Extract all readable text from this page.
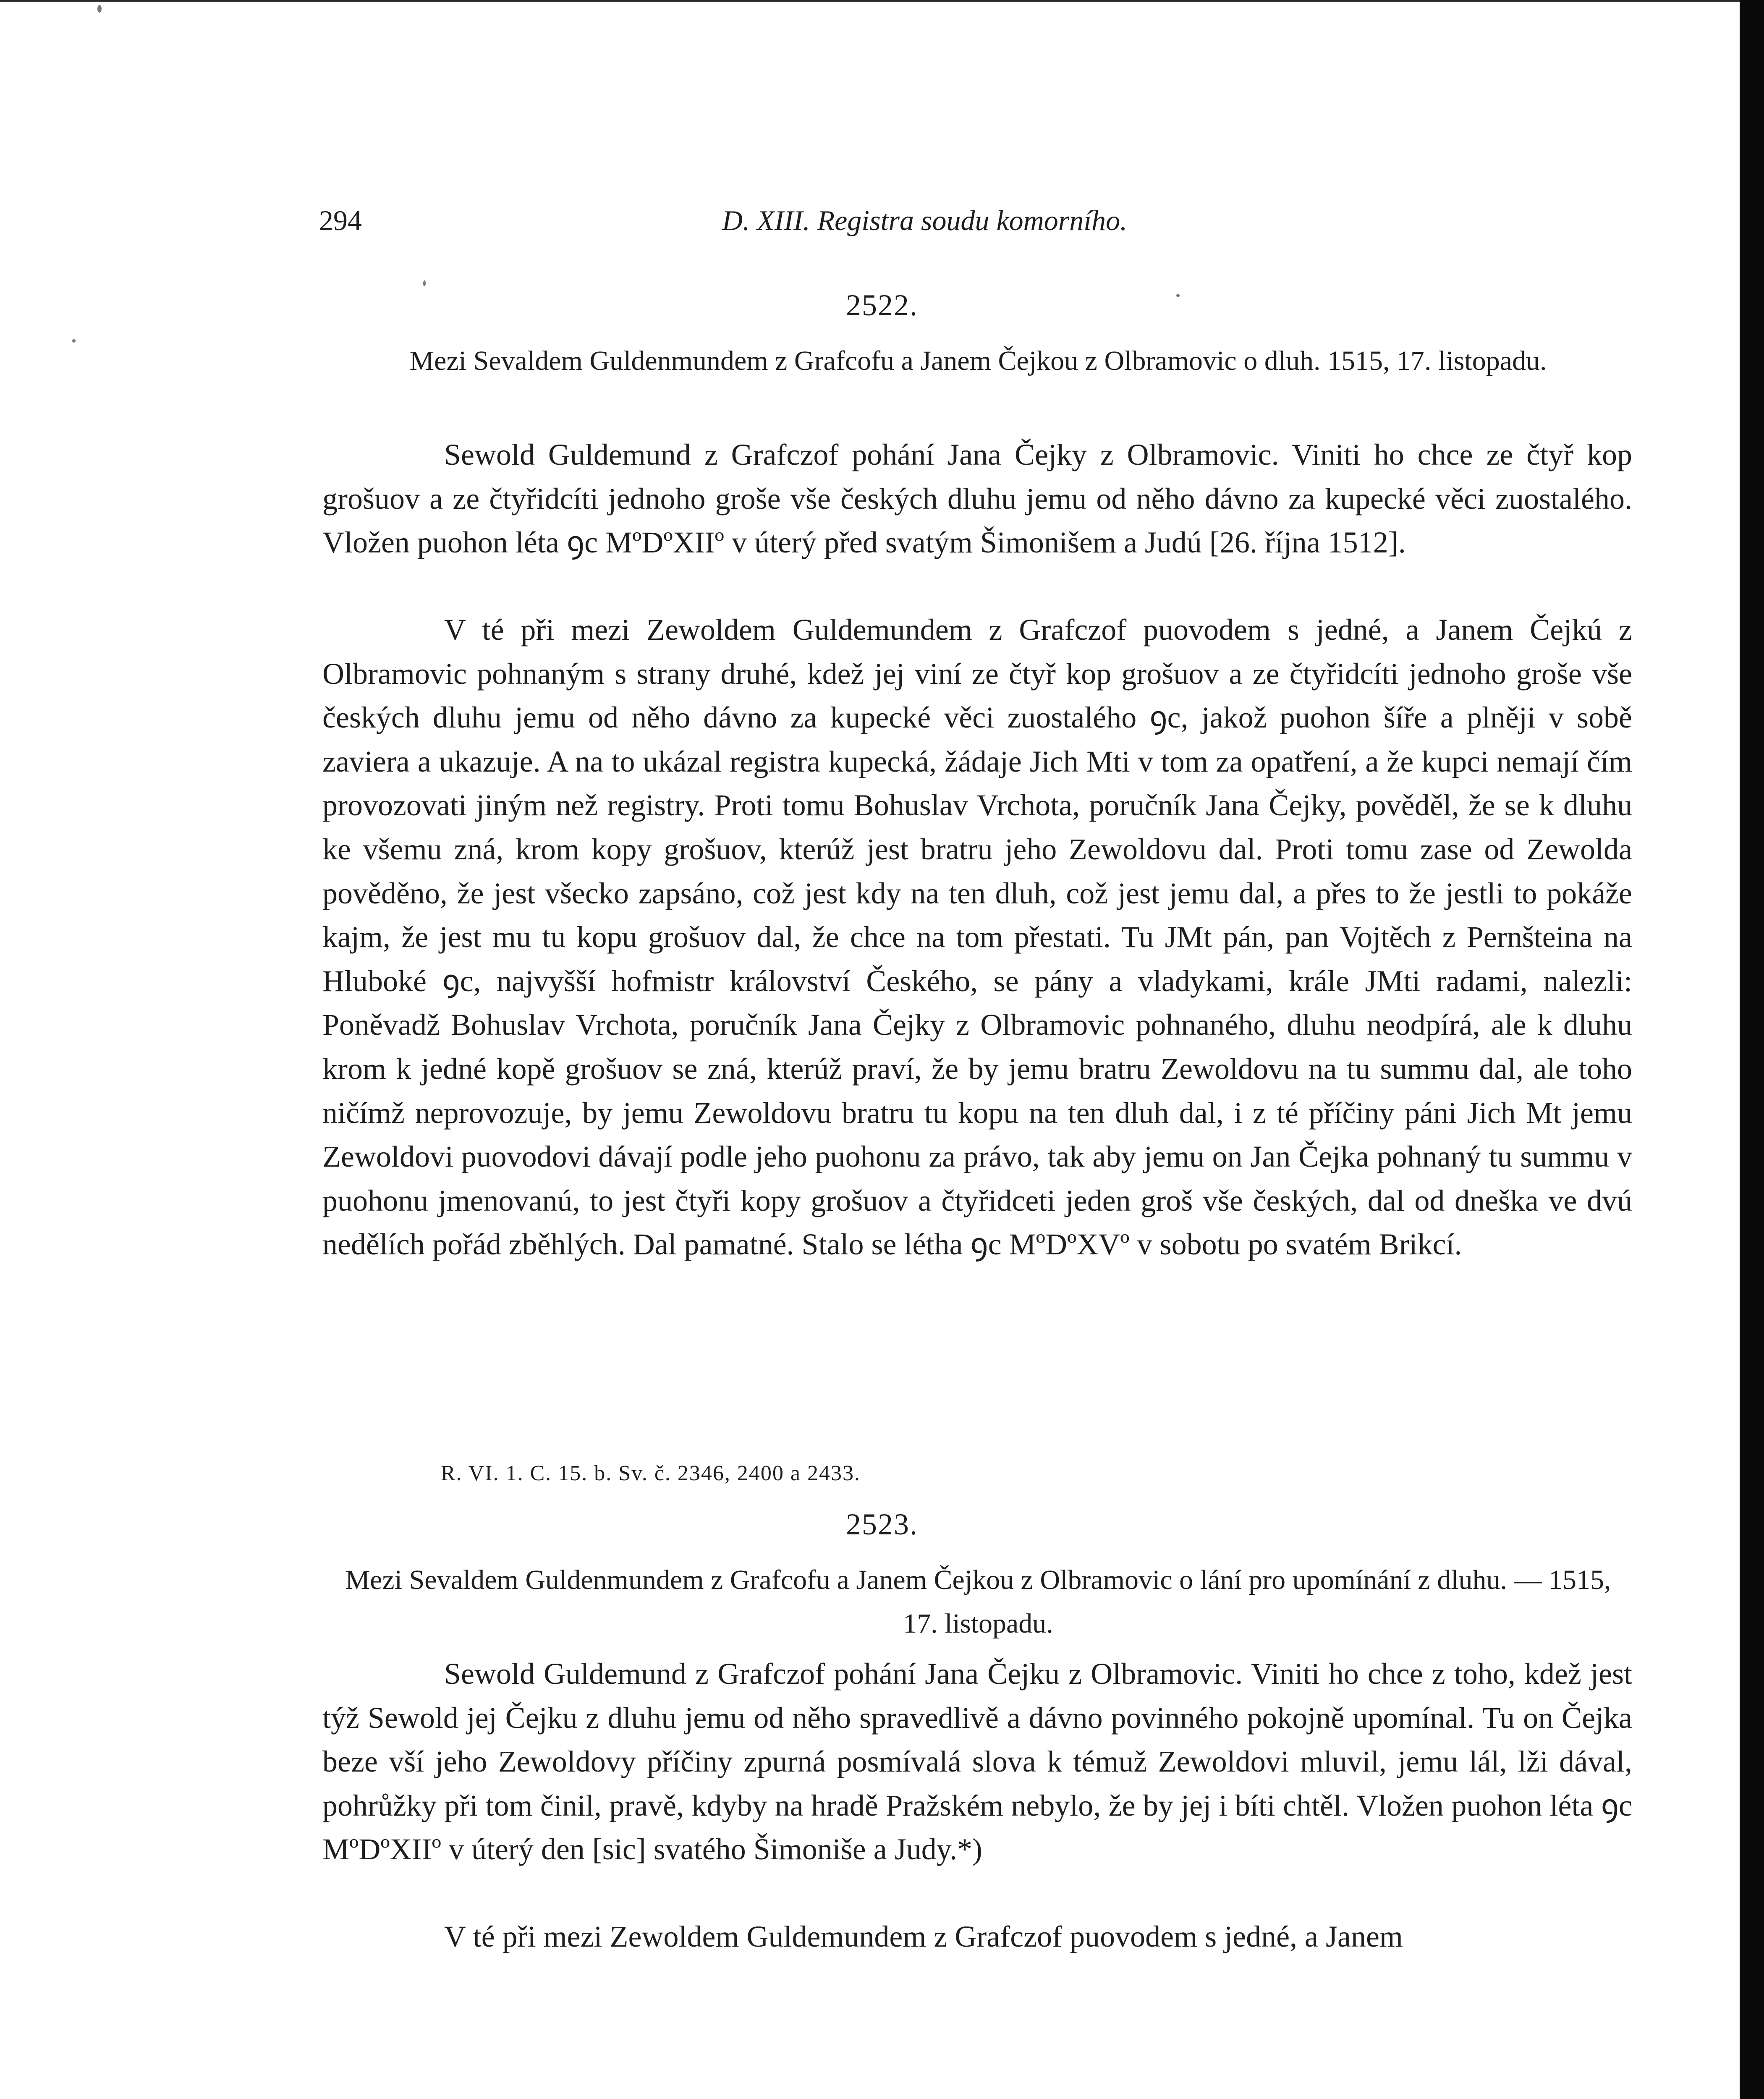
294	D. XIII. Registra soudu komorního.
2522.
Mezi Sevaldem Guldenmundem z Grafcofu a Janem Čejkou z Olbramovic o dluh. 1515, 17. listopadu.
Sewold Guldemund z Grafczof pohání Jana Čejky z Olbramovic. Viniti ho chce ze čtyř kop grošuov a ze čtyřidcíti jednoho groše vše českých dluhu jemu od něho dávno za kupecké věci zuostalého. Vložen puohon léta ꝯc MºDºXIIº v úterý před svatým Šimonišem a Judú [26. října 1512].
V té při mezi Zewoldem Guldemundem z Grafczof puovodem s jedné, a Janem Čejkú z Olbramovic pohnaným s strany druhé, kdež jej viní ze čtyř kop grošuov a ze čtyřidcíti jednoho groše vše českých dluhu jemu od něho dávno za kupecké věci zuostalého ꝯc, jakož puohon šíře a plněji v sobě zaviera a ukazuje. A na to ukázal registra kupecká, žádaje Jich Mti v tom za opatření, a že kupci nemají čím provozovati jiným než registry. Proti tomu Bohuslav Vrchota, poručník Jana Čejky, pověděl, že se k dluhu ke všemu zná, krom kopy grošuov, kterúž jest bratru jeho Zewoldovu dal. Proti tomu zase od Zewolda pověděno, že jest všecko zapsáno, což jest kdy na ten dluh, což jest jemu dal, a přes to že jestli to pokáže kajm, že jest mu tu kopu grošuov dal, že chce na tom přestati. Tu JMt pán, pan Vojtěch z Pernšteina na Hluboké ꝯc, najvyšší hofmistr království Českého, se pány a vladykami, krále JMti radami, nalezli: Poněvadž Bohuslav Vrchota, poručník Jana Čejky z Olbramovic pohnaného, dluhu neodpírá, ale k dluhu krom k jedné kopě grošuov se zná, kterúž praví, že by jemu bratru Zewoldovu na tu summu dal, ale toho ničímž neprovozuje, by jemu Zewoldovu bratru tu kopu na ten dluh dal, i z té příčiny páni Jich Mt jemu Zewoldovi puovodovi dávají podle jeho puohonu za právo, tak aby jemu on Jan Čejka pohnaný tu summu v puohonu jmenovanú, to jest čtyři kopy grošuov a čtyřidceti jeden groš vše českých, dal od dneška ve dvú nedělích pořád zběhlých. Dal pamatné. Stalo se létha ꝯc MºDºXVº v sobotu po svatém Brikcí.
R. VI. 1. C. 15. b. Sv. č. 2346, 2400 a 2433.
2523.
Mezi Sevaldem Guldenmundem z Grafcofu a Janem Čejkou z Olbramovic o lání pro upomínání z dluhu. — 1515, 17. listopadu.
Sewold Guldemund z Grafczof pohání Jana Čejku z Olbramovic. Viniti ho chce z toho, kdež jest týž Sewold jej Čejku z dluhu jemu od něho spravedlivě a dávno povinného pokojně upomínal. Tu on Čejka beze vší jeho Zewoldovy příčiny zpurná posmívalá slova k témuž Zewoldovi mluvil, jemu lál, lži dával, pohrůžky při tom činil, pravě, kdyby na hradě Pražském nebylo, že by jej i bíti chtěl. Vložen puohon léta ꝯc MºDºXIIº v úterý den [sic] svatého Šimoniše a Judy.*)
V té při mezi Zewoldem Guldemundem z Grafczof puovodem s jedné, a Janem
